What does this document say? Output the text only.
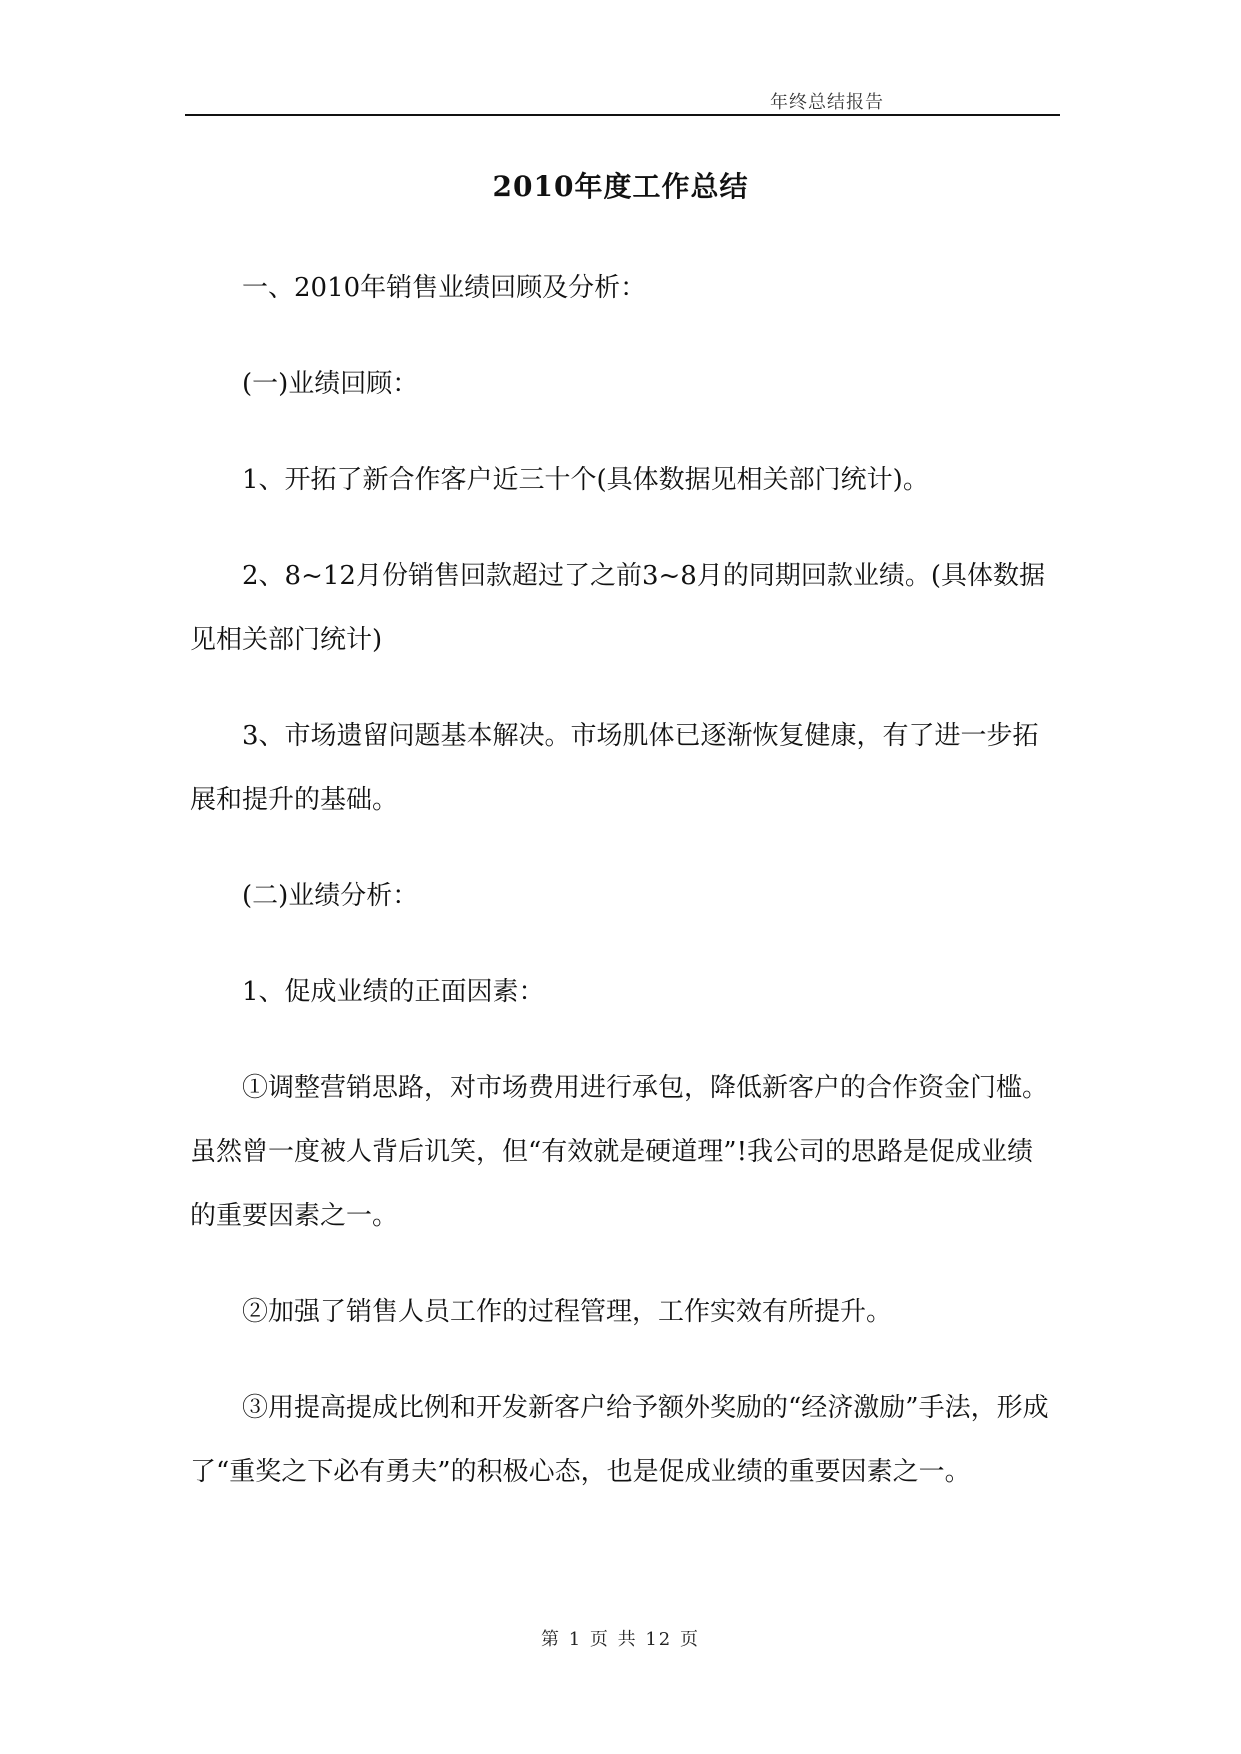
年终总结报告
2010年度工作总结

一、2010年销售业绩回顾及分析：

(一)业绩回顾：

1、开拓了新合作客户近三十个(具体数据见相关部门统计)。

2、8~12月份销售回款超过了之前3~8月的同期回款业绩。(具体数据见相关部门统计)

3、市场遗留问题基本解决。市场肌体已逐渐恢复健康，有了进一步拓展和提升的基础。

(二)业绩分析：

1、促成业绩的正面因素：

①调整营销思路，对市场费用进行承包，降低新客户的合作资金门槛。虽然曾一度被人背后讥笑，但“有效就是硬道理”!我公司的思路是促成业绩的重要因素之一。

②加强了销售人员工作的过程管理，工作实效有所提升。

③用提高提成比例和开发新客户给予额外奖励的“经济激励”手法，形成了“重奖之下必有勇夫”的积极心态，也是促成业绩的重要因素之一。

第 1 页 共 12 页
